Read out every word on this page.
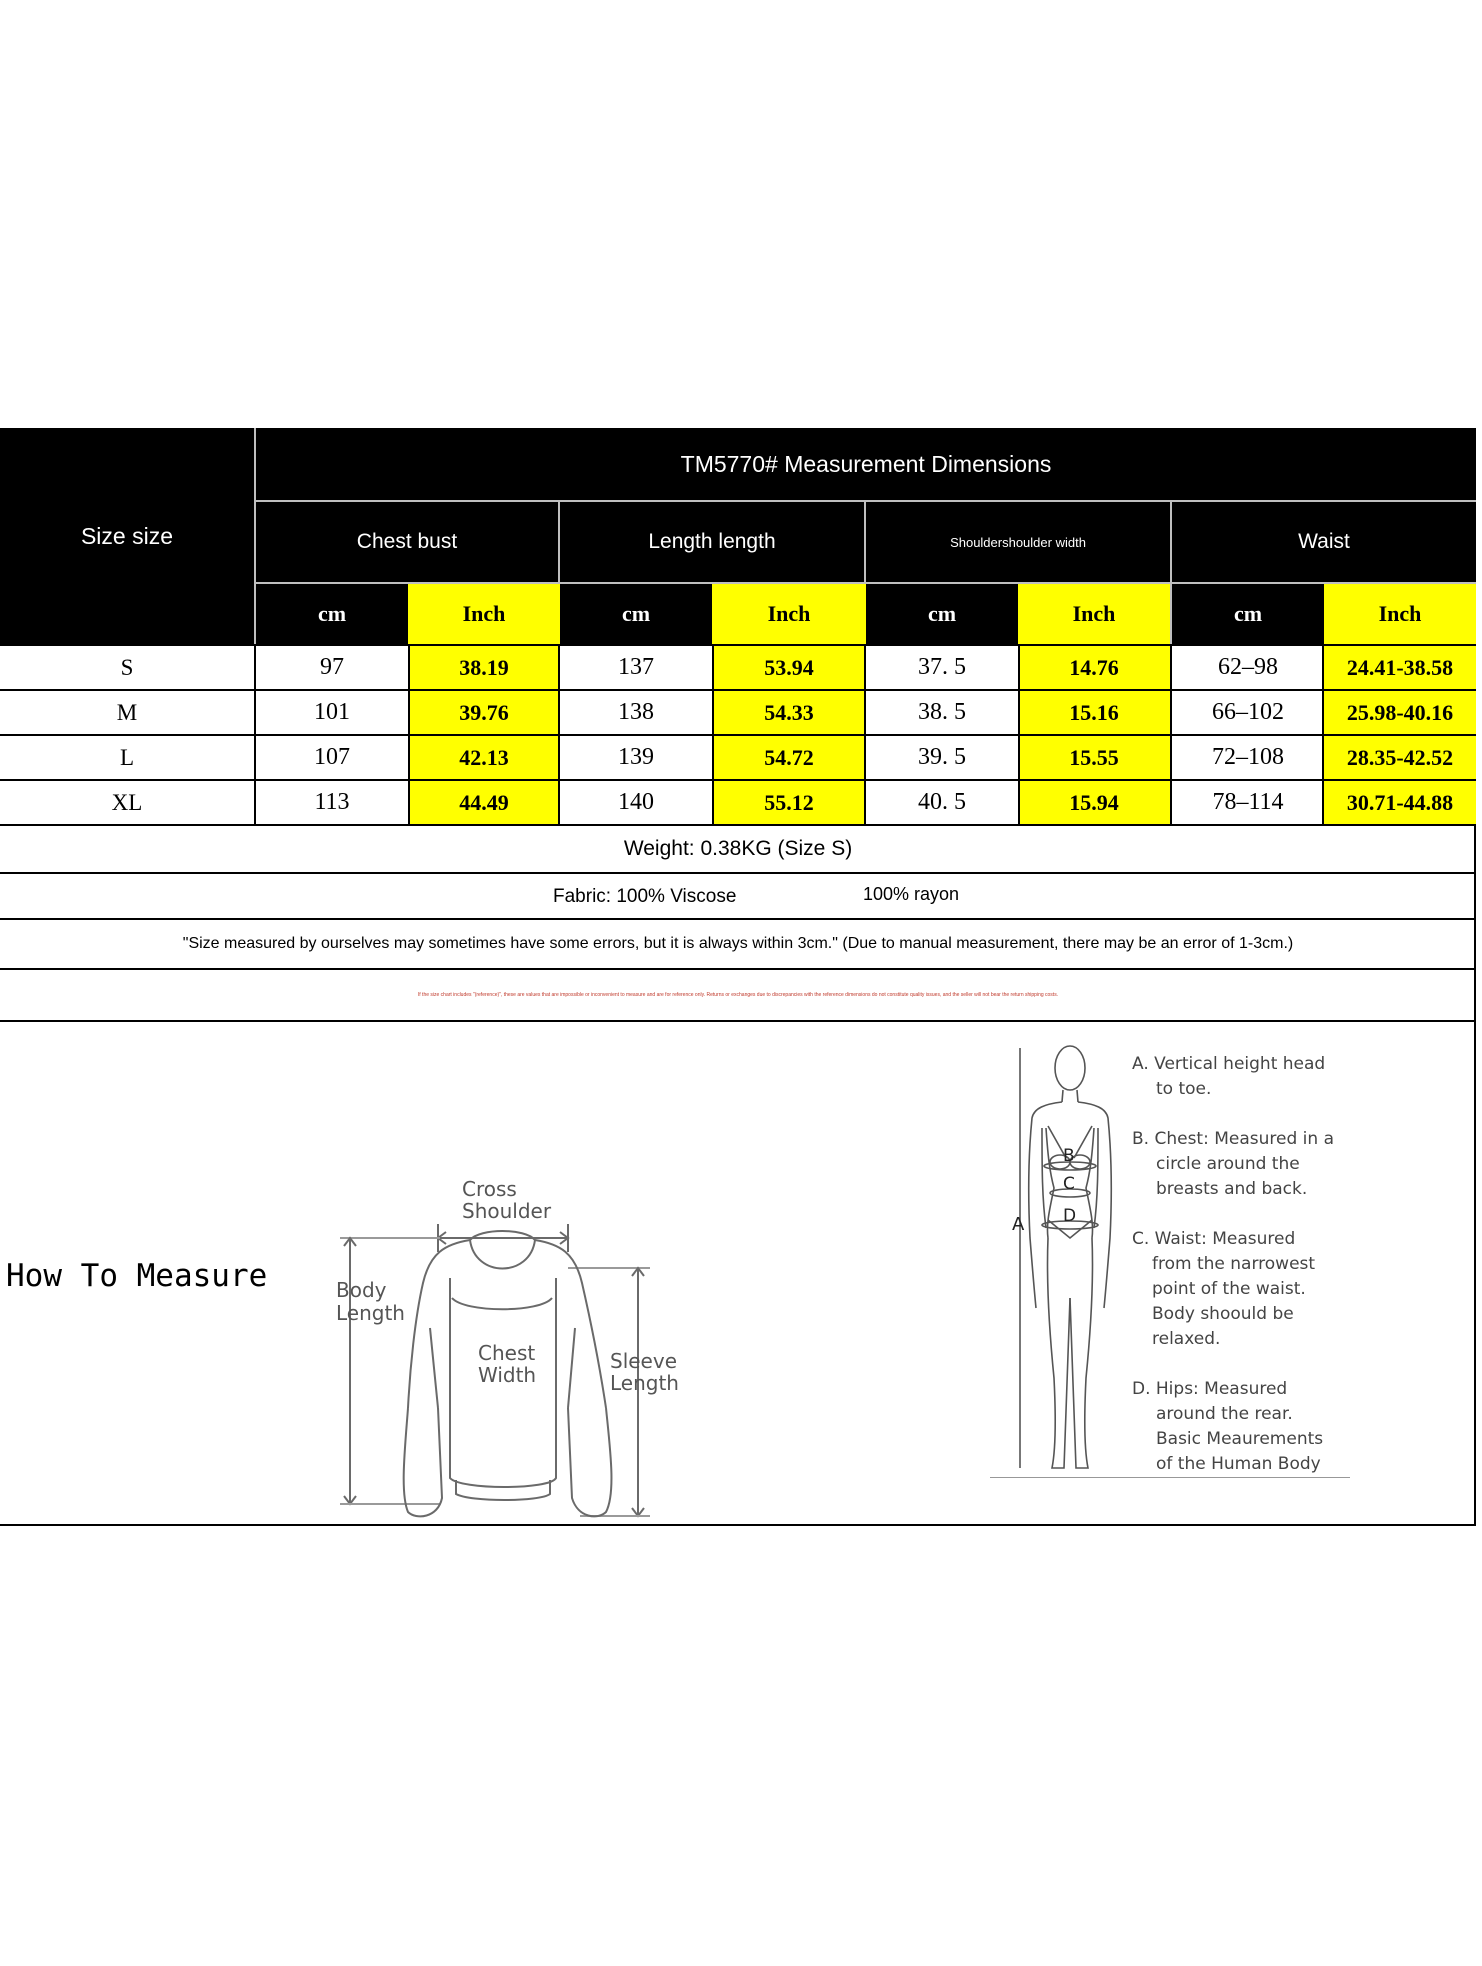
Size size
TM5770# Measurement Dimensions
Chest bust	Length length	Shouldershoulder width	Waist
cm	Inch	cm	Inch	cm	Inch	cm	Inch
S	97	38.19	137	53.94	37. 5	14.76	62–98	24.41-38.58
M	101	39.76	138	54.33	38. 5	15.16	66–102	25.98-40.16
L	107	42.13	139	54.72	39. 5	15.55	72–108	28.35-42.52
XL	113	44.49	140	55.12	40. 5	15.94	78–114	30.71-44.88
Weight: 0.38KG (Size S)
Fabric: 100% Viscose	100% rayon
"Size measured by ourselves may sometimes have some errors, but it is always within 3cm." (Due to manual measurement, there may be an error of 1-3cm.)
If the size chart includes "(reference)", these are values that are impossible or inconvenient to measure and are for reference only. Returns or exchanges due to discrepancies with the reference dimensions do not constitute quality issues, and the seller will not bear the return shipping costs.
How To Measure
Cross
Shoulder
Body
Length
Chest
Width
Sleeve
Length
B
C
D
A
A. Vertical height head
to toe.
B. Chest: Measured in a
circle around the
breasts and back.
C. Waist: Measured
from the narrowest
point of the waist.
Body shoould be
relaxed.
D. Hips: Measured
around the rear.
Basic Meaurements
of the Human Body
